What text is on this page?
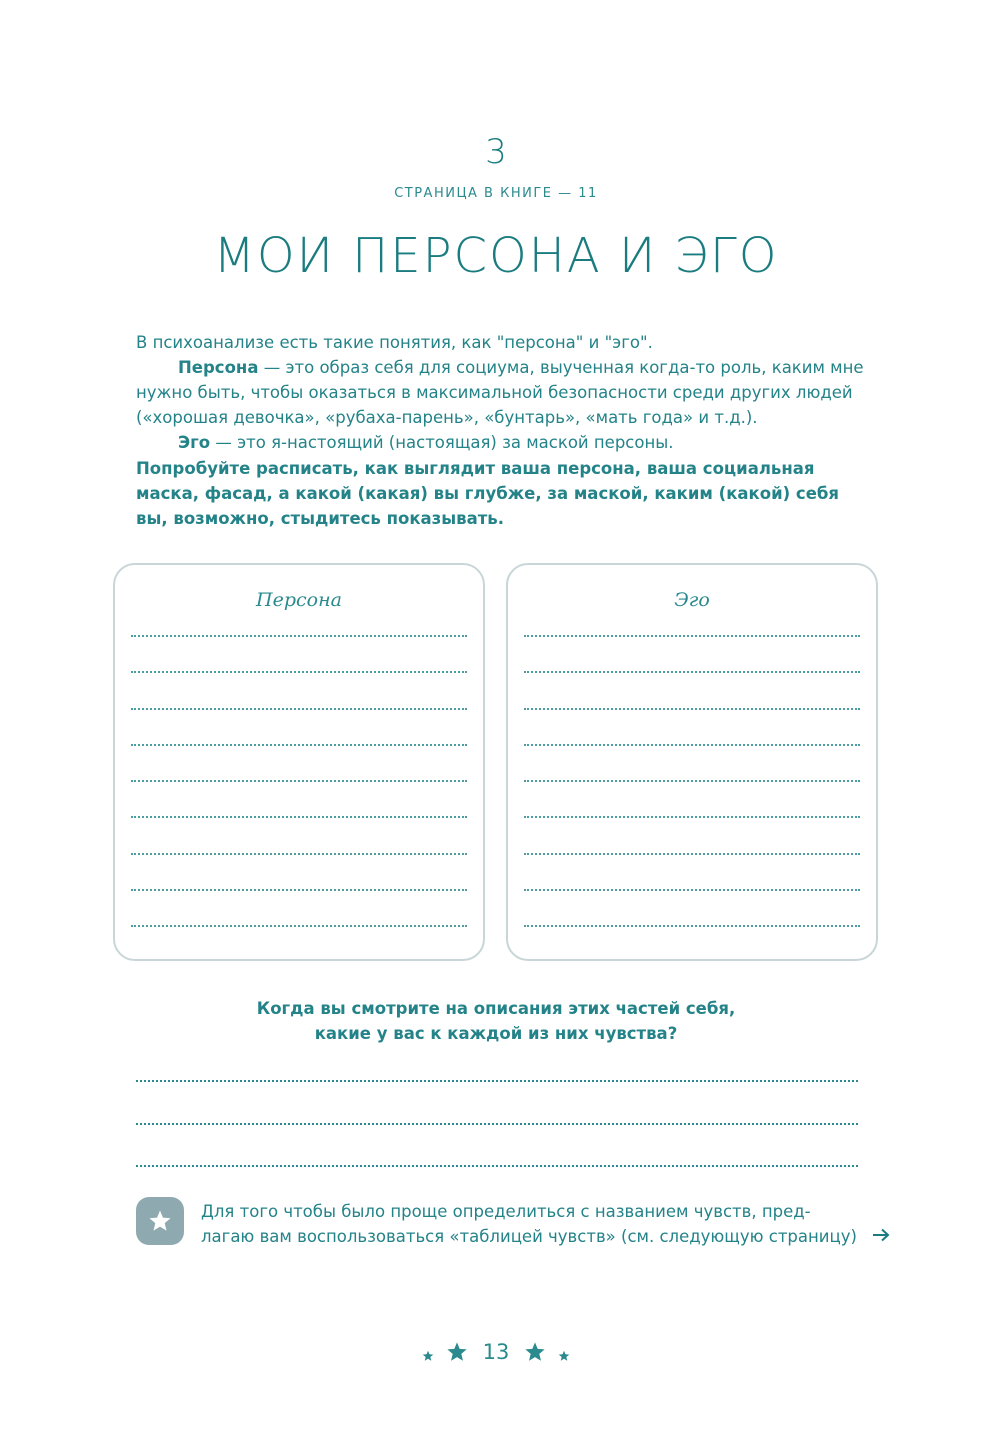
3
СТРАНИЦА В КНИГЕ — 11
МОИ ПЕРСОНА И ЭГО

В психоанализе есть такие понятия, как "персона" и "эго".

Персона — это образ себя для социума, выученная когда-то роль, каким мне нужно быть, чтобы оказаться в максимальной безопасности среди других людей («хорошая девочка», «рубаха-парень», «бунтарь», «мать года» и т.д.).

Эго — это я-настоящий (настоящая) за маской персоны.

Попробуйте расписать, как выглядит ваша персона, ваша социальная маска, фасад, а какой (какая) вы глубже, за маской, каким (какой) себя вы, возможно, стыдитесь показывать.

Персона	Эго

Когда вы смотрите на описания этих частей себя,

какие у вас к каждой из них чувства?

Для того чтобы было проще определиться с названием чувств, пред-лагаю вам воспользоваться «таблицей чувств» (см. следующую страницу)

13
